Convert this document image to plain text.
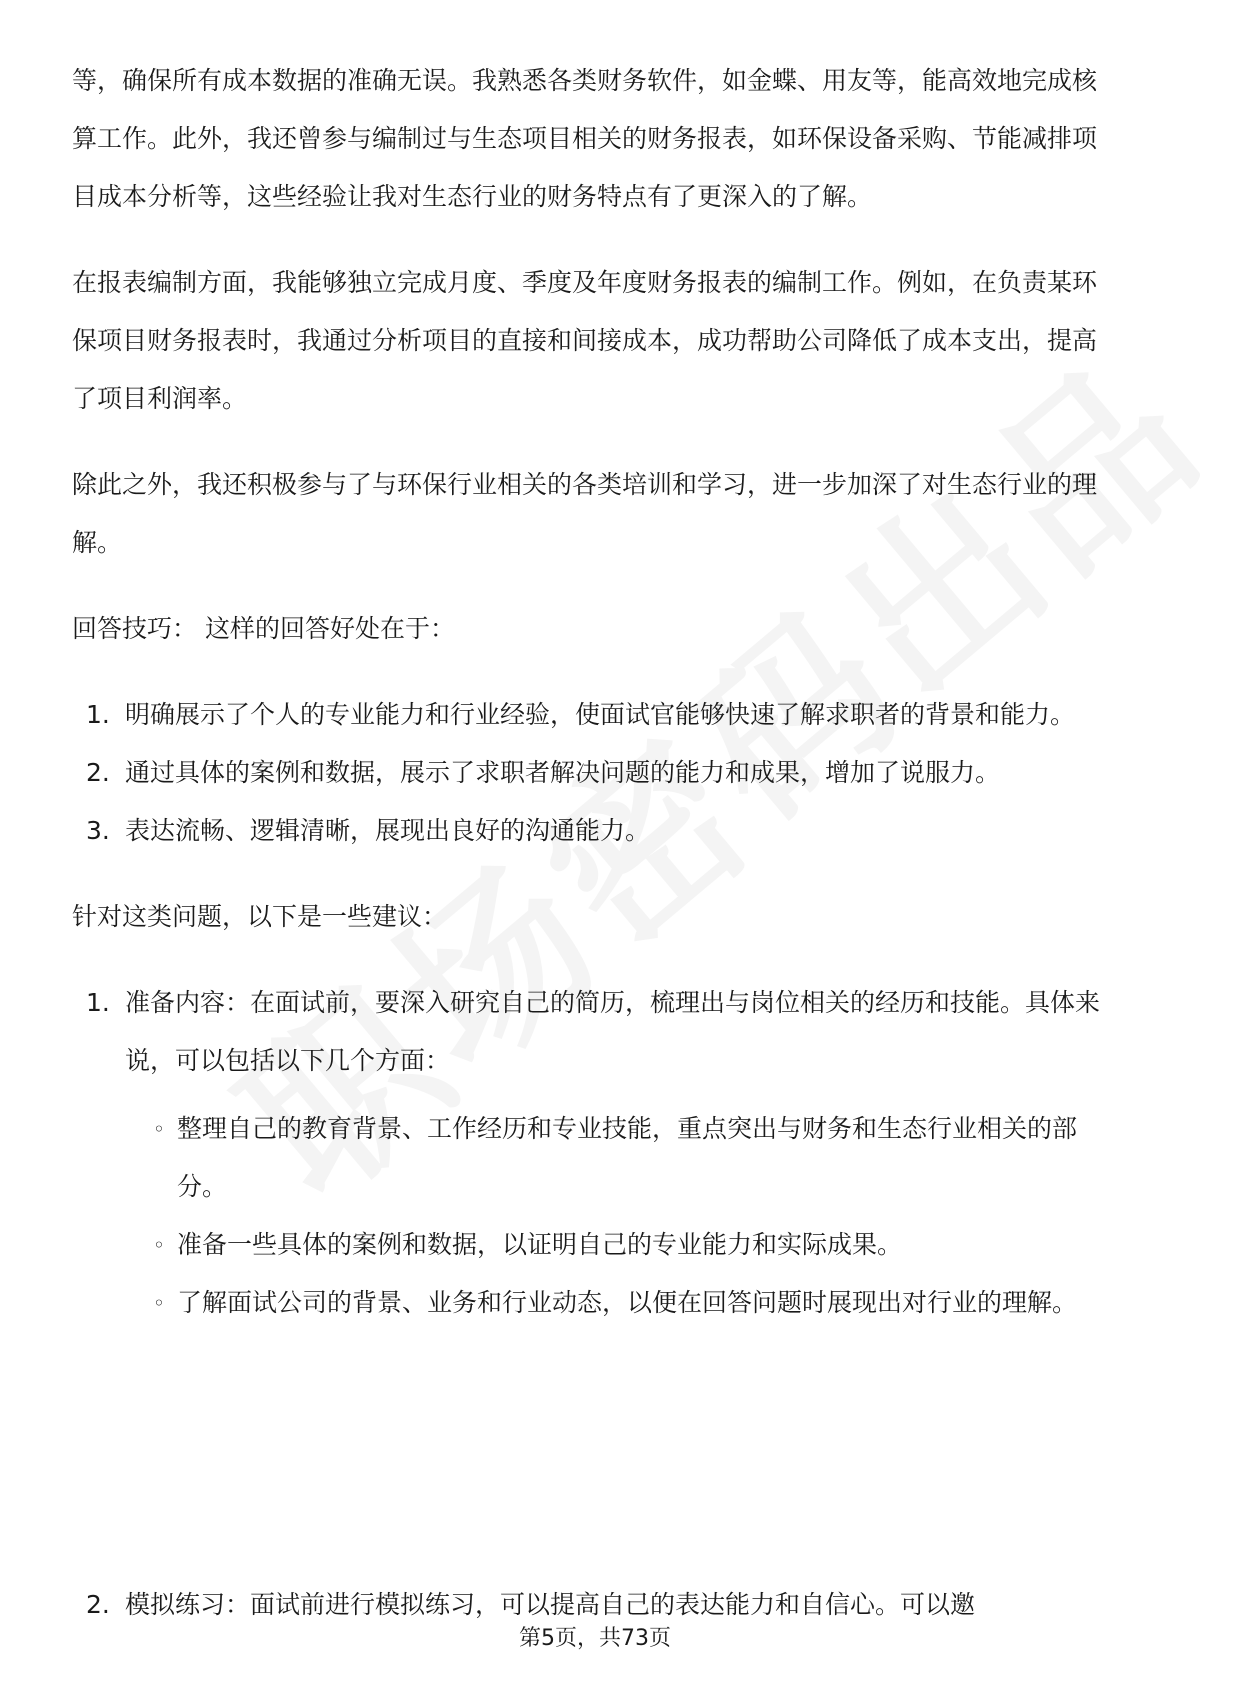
等，确保所有成本数据的准确无误。我熟悉各类财务软件，如金蝶、用友等，能高效地完成核算工作。此外，我还曾参与编制过与生态项目相关的财务报表，如环保设备采购、节能减排项目成本分析等，这些经验让我对生态行业的财务特点有了更深入的了解。

在报表编制方面，我能够独立完成月度、季度及年度财务报表的编制工作。例如，在负责某环保项目财务报表时，我通过分析项目的直接和间接成本，成功帮助公司降低了成本支出，提高了项目利润率。

除此之外，我还积极参与了与环保行业相关的各类培训和学习，进一步加深了对生态行业的理解。

回答技巧： 这样的回答好处在于：

1. 明确展示了个人的专业能力和行业经验，使面试官能够快速了解求职者的背景和能力。
2. 通过具体的案例和数据，展示了求职者解决问题的能力和成果，增加了说服力。
3. 表达流畅、逻辑清晰，展现出良好的沟通能力。

针对这类问题，以下是一些建议：

1. 准备内容：在面试前，要深入研究自己的简历，梳理出与岗位相关的经历和技能。具体来说，可以包括以下几个方面：
◦ 整理自己的教育背景、工作经历和专业技能，重点突出与财务和生态行业相关的部分。
◦ 准备一些具体的案例和数据，以证明自己的专业能力和实际成果。
◦ 了解面试公司的背景、业务和行业动态，以便在回答问题时展现出对行业的理解。
2. 模拟练习：面试前进行模拟练习，可以提高自己的表达能力和自信心。可以邀
第5页，共73页
